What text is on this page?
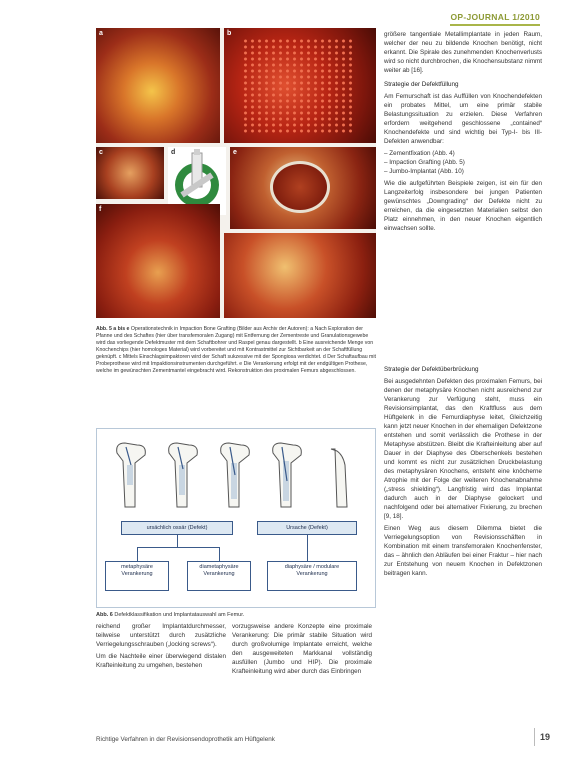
OP-JOURNAL 1/2010
a	b
c	d	e
f
Abb. 5 a bis e Operationstechnik in Impaction Bone Grafting (Bilder aus Archiv der Autoren): a Nach Exploration der Pfanne und des Schaftes (hier über transfemoralen Zugang) mit Entfernung der Zementreste und Granulationsgewebe wird das vorliegende Defektmuster mit dem Schaftbohrer und Raspel genau dargestellt. b Eine ausreichende Menge von Knochenchips (hier homologes Material) wird vorbereitet und mit Kontrastmittel zur Sichtbarkeit an der Schaftfüllung geknüpft. c Mittels Einschlagsimpaktoren wird der Schaft sukzessive mit der Spongiosa verdichtet. d Der Schaftaufbau mit Probeprothese wird mit Impaktionsinstrumenten durchgeführt. e Die Verankerung erfolgt mit der endgültigen Prothese, welche im gewünschten Zementmantel eingebracht wird. Rekonstruktion des proximalen Femurs abgeschlossen.
ursächlich ossär (Defekt)	Ursache (Defekt)
metaphysäre Verankerung
diametaphysäre Verankerung
diaphysäre / modulare Verankerung
Abb. 6 Defektklassifikation und Implantatauswahl am Femur.

größere tangentiale Metallimplantate in jeden Raum, welcher der neu zu bildende Knochen benötigt, nicht erkannt. Die Spirale des zunehmenden Knochenverlusts wird so nicht durchbrochen, die Knochensubstanz nimmt weiter ab [16].

Strategie der Defektfüllung

Am Femurschaft ist das Auffüllen von Knochendefekten ein probates Mittel, um eine primär stabile Belastungssituation zu erzielen. Diese Verfahren erfordern weitgehend geschlossene „contained“ Knochendefekte und sind wichtig bei Typ-I- bis III-Defekten anwendbar:

– Zementfixation (Abb. 4)
– Impaction Grafting (Abb. 5)
– Jumbo-Implantat (Abb. 10)

Wie die aufgeführten Beispiele zeigen, ist ein für den Langzeiterfolg insbesondere bei jungen Patienten gewünschtes „Downgrading“ der Defekte nicht zu erreichen, da die eingesetzten Materialien selbst den Platz einnehmen, in den neuer Knochen eigentlich einwachsen sollte.

Strategie der Defektüberbrückung

Bei ausgedehnten Defekten des proximalen Femurs, bei denen der metaphysäre Knochen nicht ausreichend zur Verankerung zur Verfügung steht, muss ein Revisionsimplantat, das den Kraftfluss aus dem Hüftgelenk in die Femurdiaphyse leitet, Gleichzeitig kann jetzt neuer Knochen in der ehemaligen Defektzone entstehen und somit verlässlich die Prothese in der Metaphyse abstützen. Bleibt die Krafteinleitung aber auf Dauer in der Diaphyse des Oberschenkels bestehen und kommt es nicht zur zusätzlichen Druckbelastung des metaphysären Knochens, entsteht eine knöcherne Atrophie mit der Folge der weiteren Knochenabnahme („stress shielding“). Langfristig wird das Implantat dadurch auch in der Diaphyse gelockert und nachfolgend oder bei alternativer Fixierung, zu brechen [9, 18].

Einen Weg aus diesem Dilemma bietet die Verriegelungsoption von Revisionsschäften in Kombination mit einem transfemoralen Knochenfenster, das – ähnlich den Abläufen bei einer Fraktur – hier nach zur Entstehung von neuem Knochen in Defektzonen beitragen kann.

reichend großer Implantatdurchmesser, teilweise unterstützt durch zusätzliche Verriegelungsschrauben („locking screws“).

Um die Nachteile einer überwiegend distalen Krafteinleitung zu umgehen, bestehen

vorzugsweise andere Konzepte eine proximale Verankerung: Die primär stabile Situation wird durch großvolumige Implantate erreicht, welche den ausgeweiteten Markkanal vollständig ausfüllen (Jumbo und HIP). Die proximale Krafteinleitung wird aber durch das Einbringen

Richtige Verfahren in der Revisionsendoprothetik am Hüftgelenk	19
